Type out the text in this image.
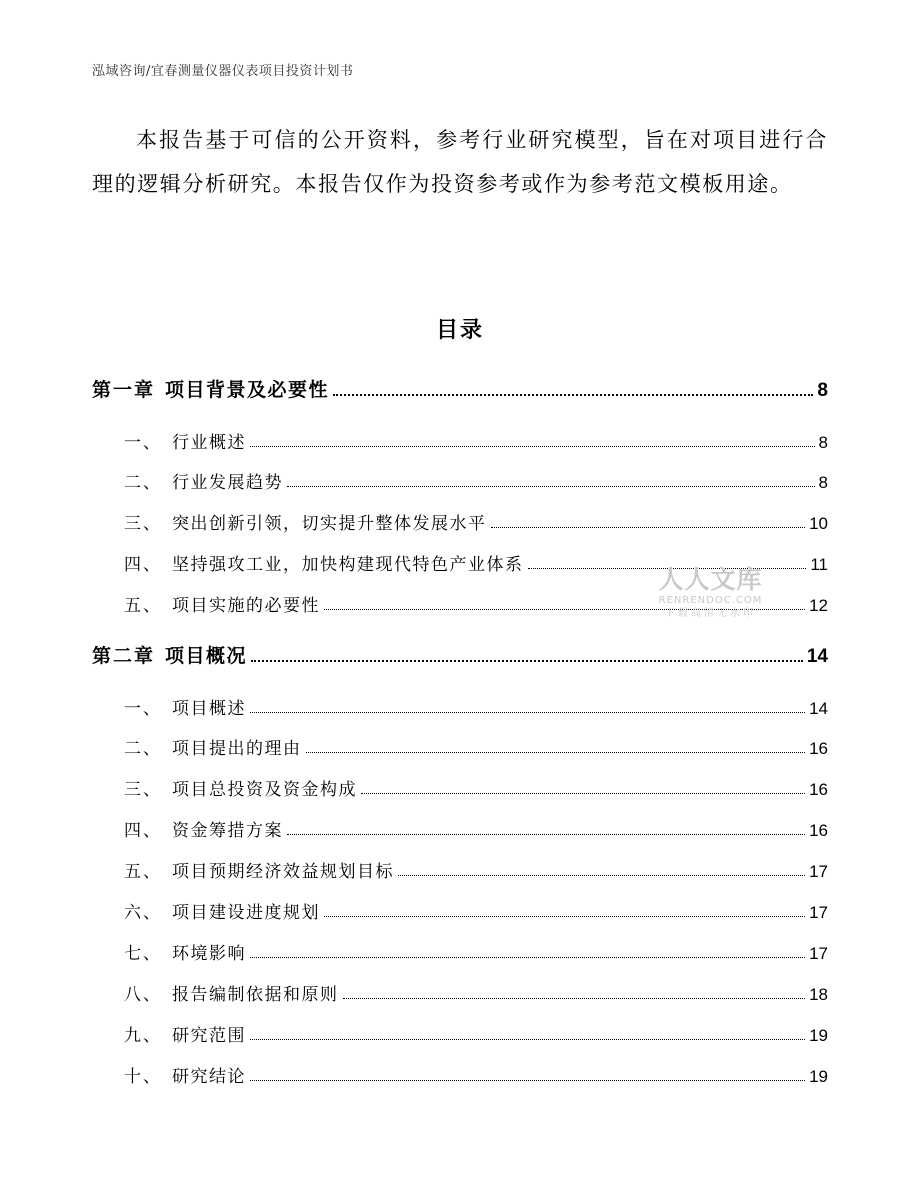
泓域咨询/宜春测量仪器仪表项目投资计划书
本报告基于可信的公开资料，参考行业研究模型，旨在对项目进行合理的逻辑分析研究。本报告仅作为投资参考或作为参考范文模板用途。
目录
第一章 项目背景及必要性	8
一、 行业概述	8
二、 行业发展趋势	8
三、 突出创新引领，切实提升整体发展水平	10
四、 坚持强攻工业，加快构建现代特色产业体系	11
五、 项目实施的必要性	12
第二章 项目概况	14
一、 项目概述	14
二、 项目提出的理由	16
三、 项目总投资及资金构成	16
四、 资金筹措方案	16
五、 项目预期经济效益规划目标	17
六、 项目建设进度规划	17
七、 环境影响	17
八、 报告编制依据和原则	18
九、 研究范围	19
十、 研究结论	19
人人文库
RENRENDOC.COM
下载高清无水印
